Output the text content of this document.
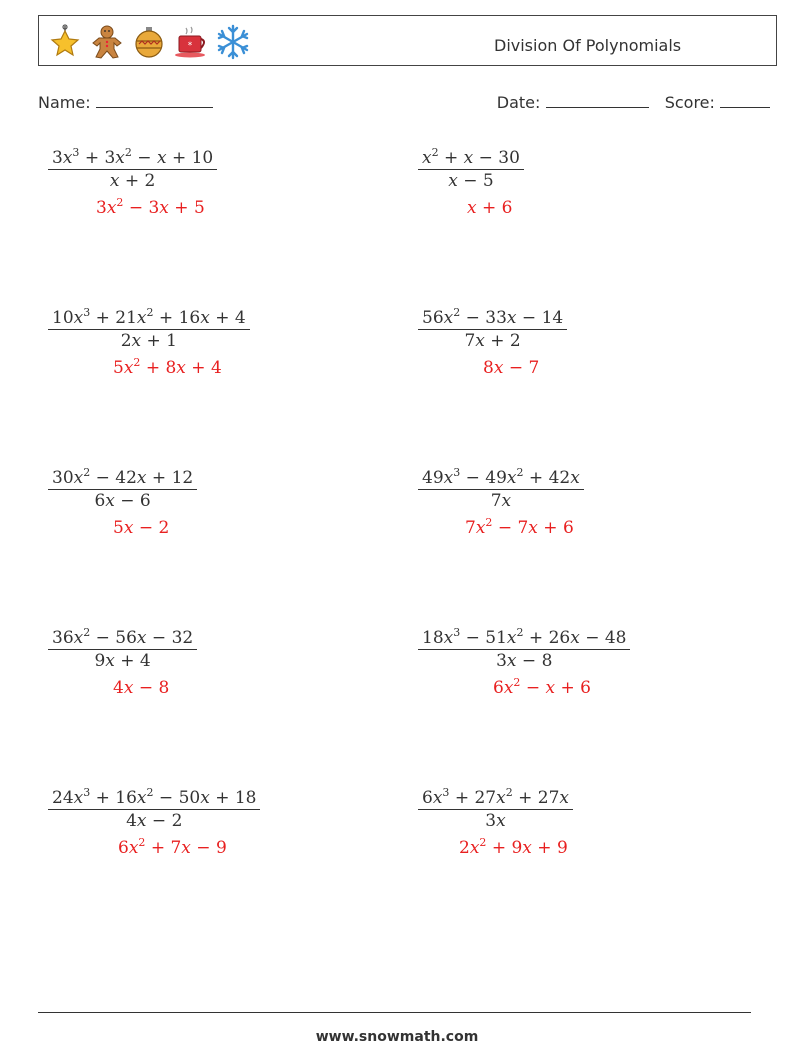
*	Division Of Polynomials
Name:	Date:	Score:
$\frac{3x^3 + 3x^2 - x + 10}{x + 2}$
$3x^2 - 3x + 5$
$\frac{x^2 + x - 30}{x - 5}$
x + 6
$\frac{10x^3 + 21x^2 + 16x + 4}{2x + 1}$
$5x^2 + 8x + 4$
$\frac{56x^2 - 33x - 14}{7x + 2}$
8x − 7
$\frac{30x^2 - 42x + 12}{6x - 6}$
5x − 2
$\frac{49x^3 - 49x^2 + 42x}{7x}$
$7x^2 - 7x + 6$
$\frac{36x^2 - 56x - 32}{9x + 4}$
4x − 8
$\frac{18x^3 - 51x^2 + 26x - 48}{3x - 8}$
$6x^2 - x + 6$
$\frac{24x^3 + 16x^2 - 50x + 18}{4x - 2}$
$6x^2 + 7x - 9$
$\frac{6x^3 + 27x^2 + 27x}{3x}$
$2x^2 + 9x + 9$
www.snowmath.com
